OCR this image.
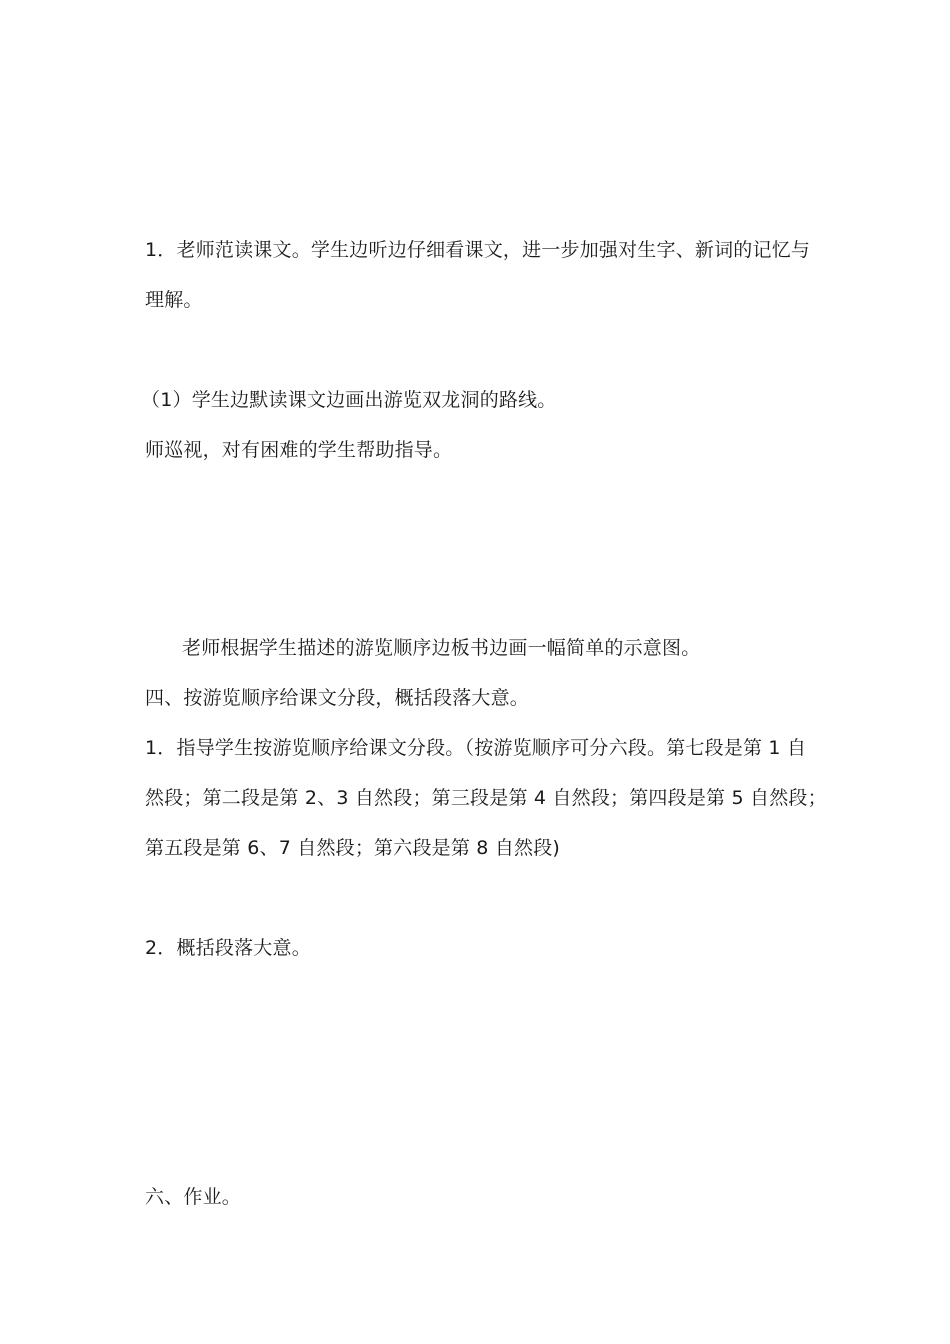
1．老师范读课文。学生边听边仔细看课文，进一步加强对生字、新词的记忆与
理解。
（1）学生边默读课文边画出游览双龙洞的路线。
师巡视，对有困难的学生帮助指导。
老师根据学生描述的游览顺序边板书边画一幅简单的示意图。
四、按游览顺序给课文分段，概括段落大意。
1．指导学生按游览顺序给课文分段。（按游览顺序可分六段。第七段是第 1 自
然段；第二段是第 2、3 自然段；第三段是第 4 自然段；第四段是第 5 自然段；
第五段是第 6、7 自然段；第六段是第 8 自然段)
2．概括段落大意。
六、作业。
